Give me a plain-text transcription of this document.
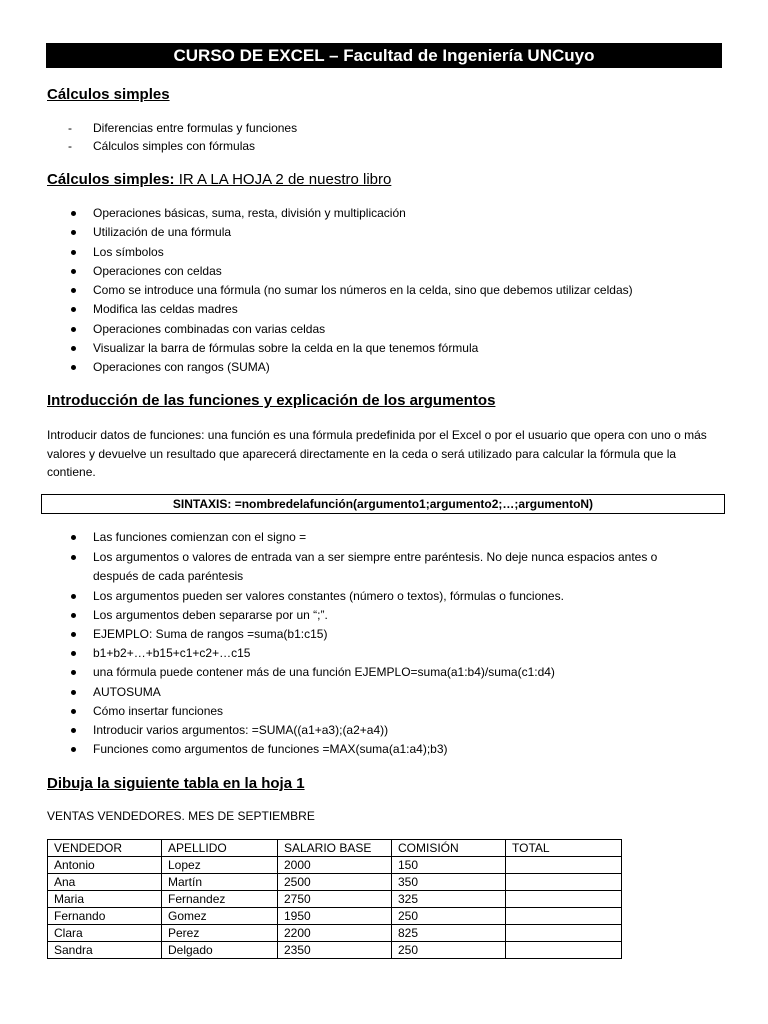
CURSO DE EXCEL – Facultad de Ingeniería UNCuyo
Cálculos simples
- Diferencias entre formulas y funciones
- Cálculos simples con fórmulas
Cálculos simples: IR A LA HOJA 2 de nuestro libro
Operaciones básicas, suma, resta, división y multiplicación
Utilización de una fórmula
Los símbolos
Operaciones con celdas
Como se introduce una fórmula (no sumar los números en la celda, sino que debemos utilizar celdas)
Modifica las celdas madres
Operaciones combinadas con varias celdas
Visualizar la barra de fórmulas sobre la celda en la que tenemos fórmula
Operaciones con rangos (SUMA)
Introducción de las funciones y explicación de los argumentos
Introducir datos de funciones: una función es una fórmula predefinida por el Excel o por el usuario que opera con uno o más valores y devuelve un resultado que aparecerá directamente en la ceda o será utilizado para calcular la fórmula que la contiene.
SINTAXIS: =nombredelafunción(argumento1;argumento2;…;argumentoN)
Las funciones comienzan con el signo =
Los argumentos o valores de entrada van a ser siempre entre paréntesis. No deje nunca espacios antes o
después de cada paréntesis
Los argumentos pueden ser valores constantes (número o textos), fórmulas o funciones.
Los argumentos deben separarse por un “;”.
EJEMPLO: Suma de rangos =suma(b1:c15)
b1+b2+…+b15+c1+c2+…c15
una fórmula puede contener más de una función EJEMPLO=suma(a1:b4)/suma(c1:d4)
AUTOSUMA
Cómo insertar funciones
Introducir varios argumentos: =SUMA((a1+a3);(a2+a4))
Funciones como argumentos de funciones =MAX(suma(a1:a4);b3)
Dibuja la siguiente tabla en la hoja 1
VENTAS VENDEDORES. MES DE SEPTIEMBRE
VENDEDOR	APELLIDO	SALARIO BASE	COMISIÓN	TOTAL
Antonio	Lopez	2000	150	
Ana	Martín	2500	350	
Maria	Fernandez	2750	325	
Fernando	Gomez	1950	250	
Clara	Perez	2200	825	
Sandra	Delgado	2350	250	
